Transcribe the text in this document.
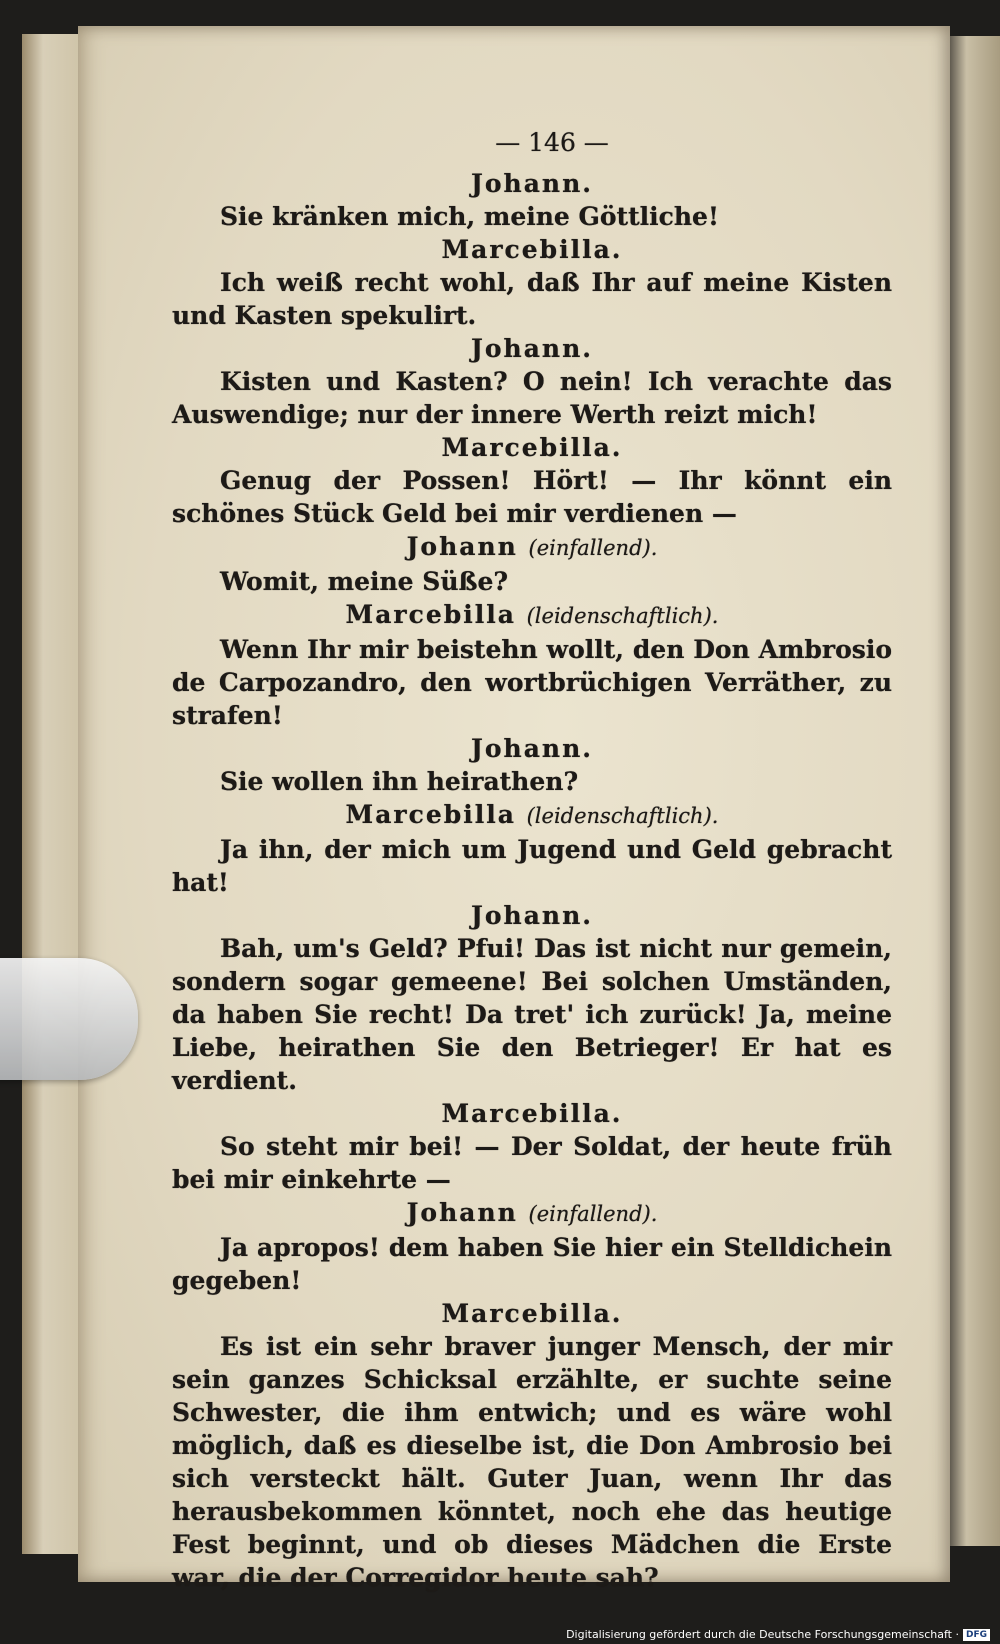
— 146 —
Johann.
Sie kränken mich, meine Göttliche!
Marcebilla.
Ich weiß recht wohl, daß Ihr auf meine Kisten und Kasten spekulirt.
Johann.
Kisten und Kasten? O nein! Ich verachte das Auswendige; nur der innere Werth reizt mich!
Marcebilla.
Genug der Possen! Hört! — Ihr könnt ein schönes Stück Geld bei mir verdienen —
Johann (einfallend).
Womit, meine Süße?
Marcebilla (leidenschaftlich).
Wenn Ihr mir beistehn wollt, den Don Ambrosio de Carpozandro, den wortbrüchigen Verräther, zu strafen!
Johann.
Sie wollen ihn heirathen?
Marcebilla (leidenschaftlich).
Ja ihn, der mich um Jugend und Geld gebracht hat!
Johann.
Bah, um's Geld? Pfui! Das ist nicht nur gemein, sondern sogar gemeene! Bei solchen Umständen, da haben Sie recht! Da tret' ich zurück! Ja, meine Liebe, heirathen Sie den Betrieger! Er hat es verdient.
Marcebilla.
So steht mir bei! — Der Soldat, der heute früh bei mir einkehrte —
Johann (einfallend).
Ja apropos! dem haben Sie hier ein Stelldichein gegeben!
Marcebilla.
Es ist ein sehr braver junger Mensch, der mir sein ganzes Schicksal erzählte, er suchte seine Schwester, die ihm entwich; und es wäre wohl möglich, daß es dieselbe ist, die Don Ambrosio bei sich versteckt hält. Guter Juan, wenn Ihr das herausbekommen könntet, noch ehe das heutige Fest beginnt, und ob dieses Mädchen die Erste war, die der Corregidor heute sah?
Digitalisierung gefördert durch die Deutsche Forschungsgemeinschaft · DFG
